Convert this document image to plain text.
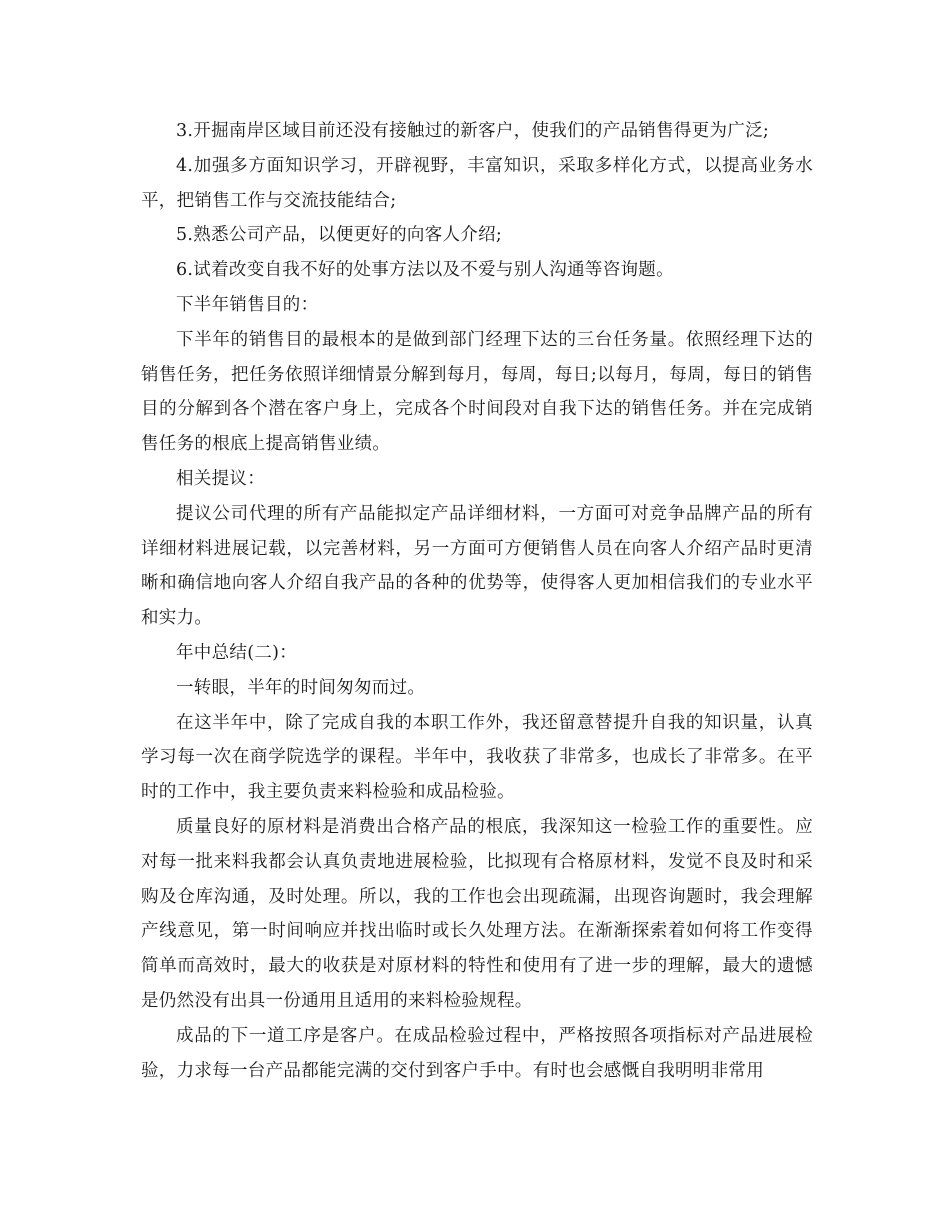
3.开掘南岸区域目前还没有接触过的新客户，使我们的产品销售得更为广泛;

4.加强多方面知识学习，开辟视野，丰富知识，采取多样化方式，以提高业务水平，把销售工作与交流技能结合;

5.熟悉公司产品，以便更好的向客人介绍;

6.试着改变自我不好的处事方法以及不爱与别人沟通等咨询题。

下半年销售目的：

下半年的销售目的最根本的是做到部门经理下达的三台任务量。依照经理下达的销售任务，把任务依照详细情景分解到每月，每周，每日;以每月，每周，每日的销售目的分解到各个潜在客户身上，完成各个时间段对自我下达的销售任务。并在完成销售任务的根底上提高销售业绩。

相关提议：

提议公司代理的所有产品能拟定产品详细材料，一方面可对竞争品牌产品的所有详细材料进展记载，以完善材料，另一方面可方便销售人员在向客人介绍产品时更清晰和确信地向客人介绍自我产品的各种的优势等，使得客人更加相信我们的专业水平和实力。

年中总结(二)：

一转眼，半年的时间匆匆而过。

在这半年中，除了完成自我的本职工作外，我还留意替提升自我的知识量，认真学习每一次在商学院选学的课程。半年中，我收获了非常多，也成长了非常多。在平时的工作中，我主要负责来料检验和成品检验。

质量良好的原材料是消费出合格产品的根底，我深知这一检验工作的重要性。应对每一批来料我都会认真负责地进展检验，比拟现有合格原材料，发觉不良及时和采购及仓库沟通，及时处理。所以，我的工作也会出现疏漏，出现咨询题时，我会理解产线意见，第一时间响应并找出临时或长久处理方法。在渐渐探索着如何将工作变得简单而高效时，最大的收获是对原材料的特性和使用有了进一步的理解，最大的遗憾是仍然没有出具一份通用且适用的来料检验规程。

成品的下一道工序是客户。在成品检验过程中，严格按照各项指标对产品进展检验，力求每一台产品都能完满的交付到客户手中。有时也会感慨自我明明非常用
